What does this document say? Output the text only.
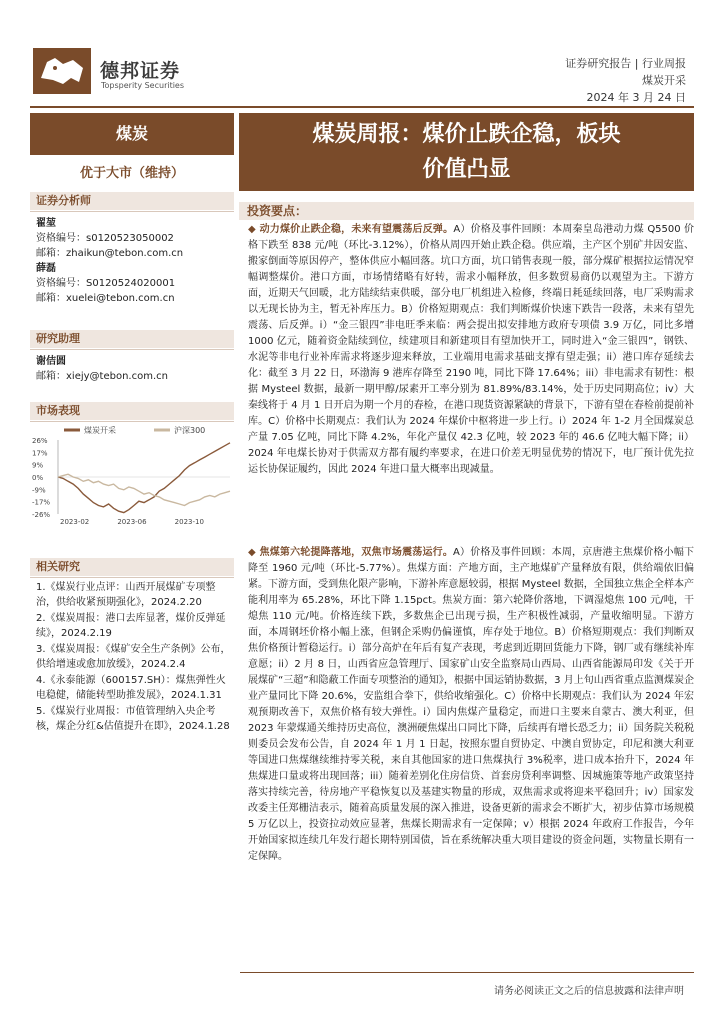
德邦证券
Topsperity Securities
证券研究报告 | 行业周报
煤炭开采
2024 年 3 月 24 日
煤炭
优于大市（维持）
证券分析师
翟堃
资格编号：s0120523050002
邮箱：zhaikun@tebon.com.cn
薛磊
资格编号：S0120524020001
邮箱：xuelei@tebon.com.cn
研究助理
谢佶圆
邮箱：xiejy@tebon.com.cn
市场表现
26%
17%
9%
0%
-9%
-17%
-26%
2023-02	2023-06	2023-10
煤炭开采	沪深300
相关研究
1.《煤炭行业点评：山西开展煤矿专项整治，供给收紧预期强化》，2024.2.20
2.《煤炭周报：港口去库显著，煤价反弹延续》，2024.2.19
3.《煤炭周报：《煤矿安全生产条例》公布，供给增速或愈加放缓》，2024.2.4
4.《永泰能源（600157.SH）：煤焦弹性火电稳健，储能转型助推发展》，2024.1.31
5.《煤炭行业周报：市值管理纳入央企考核，煤企分红&估值提升在即》，2024.1.28
煤炭周报：煤价止跌企稳，板块
价值凸显
投资要点：
◆ 动力煤价止跌企稳，未来有望震荡后反弹。A）价格及事件回顾：本周秦皇岛港动力煤 Q5500 价格下跌至 838 元/吨（环比-3.12%），价格从周四开始止跌企稳。供应端，主产区个别矿井因安监、搬家倒面等原因停产，整体供应小幅回落。坑口方面，坑口销售表现一般，部分煤矿根据拉运情况窄幅调整煤价。港口方面，市场情绪略有好转，需求小幅释放，但多数贸易商仍以观望为主。下游方面，近期天气回暖，北方陆续结束供暖，部分电厂机组进入检修，终端日耗延续回落，电厂采购需求以无现长协为主，暂无补库压力。B）价格短期观点：我们判断煤价快速下跌告一段落，未来有望先震荡、后反弹。i）“金三银四”非电旺季来临：两会提出拟安排地方政府专项债 3.9 万亿，同比多增 1000 亿元，随着资金陆续到位，续建项目和新建项目有望加快开工，同时进入“金三银四”，钢铁、水泥等非电行业补库需求将逐步迎来释放，工业端用电需求基础支撑有望走强；ii）港口库存延续去化：截至 3 月 22 日，环渤海 9 港库存降至 2190 吨，同比下降 17.64%；iii）非电需求有韧性：根据 Mysteel 数据，最新一期甲醇/尿素开工率分别为 81.89%/83.14%，处于历史同期高位；iv）大秦线将于 4 月 1 日开启为期一个月的春检，在港口现货资源紧缺的背景下，下游有望在春检前提前补库。C）价格中长期观点：我们认为 2024 年煤价中枢将进一步上行。i）2024 年 1-2 月全国煤炭总产量 7.05 亿吨，同比下降 4.2%，年化产量仅 42.3 亿吨，较 2023 年的 46.6 亿吨大幅下降；ii）2024 年电煤长协对于供需双方都有履约率要求，在进口价差无明显优势的情况下，电厂预计优先拉运长协保证履约，因此 2024 年进口量大概率出现减量。
◆ 焦煤第六轮提降落地，双焦市场震荡运行。A）价格及事件回顾：本周，京唐港主焦煤价格小幅下降至 1960 元/吨（环比-5.77%）。焦煤方面：产地方面，主产地煤矿产量释放有限，供给端依旧偏紧。下游方面，受到焦化限产影响，下游补库意愿较弱，根据 Mysteel 数据，全国独立焦企全样本产能利用率为 65.28%，环比下降 1.15pct。焦炭方面：第六轮降价落地，下调湿熄焦 100 元/吨，干熄焦 110 元/吨。价格连续下跌，多数焦企已出现亏损，生产积极性减弱，产量收缩明显。下游方面，本周钢坯价格小幅上涨，但钢企采购仍偏谨慎，库存处于地位。B）价格短期观点：我们判断双焦价格预计暂稳运行。i）部分高炉在年后有复产表现，考虑到近期回货能力下降，钢厂或有继续补库意愿；ii）2 月 8 日，山西省应急管理厅、国家矿山安全监察局山西局、山西省能源局印发《关于开展煤矿“三超”和隐蔽工作面专项整治的通知》，根据中国运销协数据，3 月上旬山西省重点监测煤炭企业产量同比下降 20.6%，安监组合拳下，供给收缩强化。C）价格中长期观点：我们认为 2024 年宏观预期改善下，双焦价格有较大弹性。i）国内焦煤产量稳定，而进口主要来自蒙古、澳大利亚，但 2023 年蒙煤通关维持历史高位，澳洲硬焦煤出口同比下降，后续再有增长恐乏力；ii）国务院关税税则委员会发布公告，自 2024 年 1 月 1 日起，按照东盟自贸协定、中澳自贸协定，印尼和澳大利亚等国进口焦煤继续维持零关税，来自其他国家的进口焦煤执行 3%税率，进口成本抬升下，2024 年焦煤进口量或将出现回落；iii）随着差别化住房信贷、首套房贷利率调整、因城施策等地产政策坚持落实持续完善，待房地产平稳恢复以及基建实物量的形成，双焦需求或将迎来平稳回升；iv）国家发改委主任郑栅洁表示，随着高质量发展的深入推进，设备更新的需求会不断扩大，初步估算市场规模 5 万亿以上，投资拉动效应显著，焦煤长期需求有一定保障；v）根据 2024 年政府工作报告，今年开始国家拟连续几年发行超长期特别国债，旨在系统解决重大项目建设的资金问题，实物量长期有一定保障。
请务必阅读正文之后的信息披露和法律声明
